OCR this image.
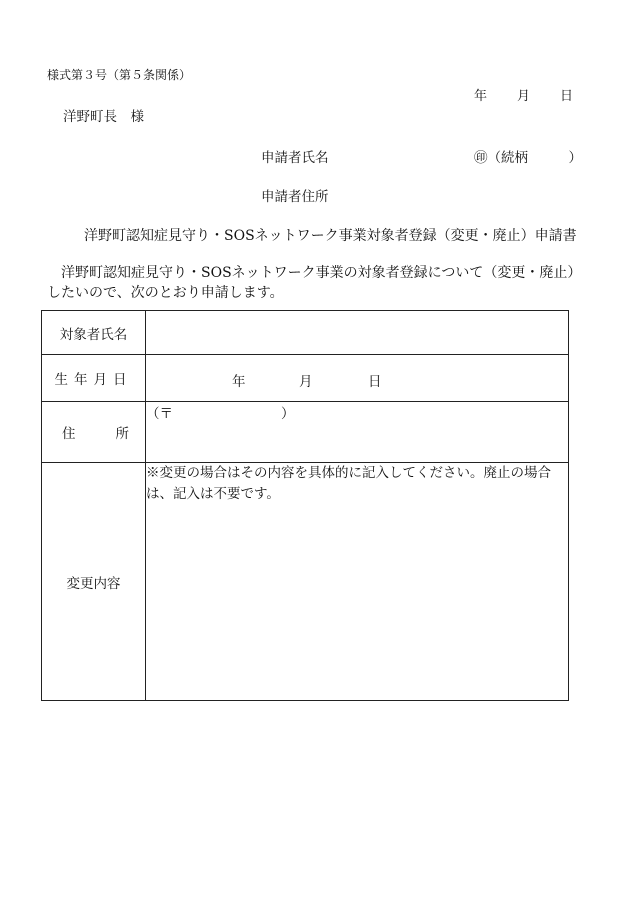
様式第３号（第５条関係）
年 月 日
洋野町長　様
申請者氏名	㊞（続柄　　　）
申請者住所
洋野町認知症見守り・SOSネットワーク事業対象者登録（変更・廃止）申請書
洋野町認知症見守り・SOSネットワーク事業の対象者登録について（変更・廃止）したいので、次のとおり申請します。
対象者氏名	
生年月日	年 月 日

住 所	（〒　　　　　　　　）
変更内容	※変更の場合はその内容を具体的に記入してください。廃止の場合は、記入は不要です。
